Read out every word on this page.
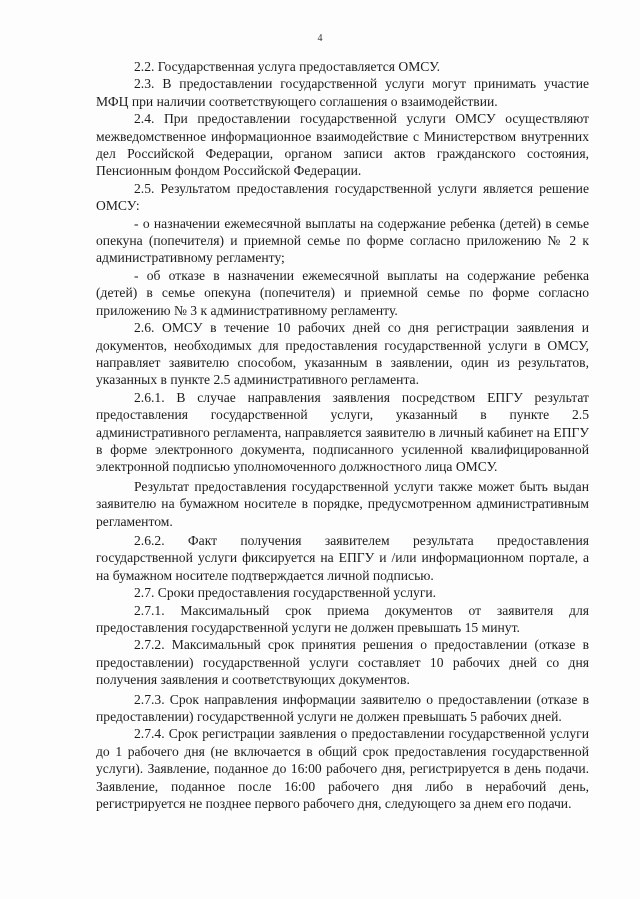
4

2.2. Государственная услуга предоставляется ОМСУ.

2.3. В предоставлении государственной услуги могут принимать участие МФЦ при наличии соответствующего соглашения о взаимодействии.

2.4. При предоставлении государственной услуги ОМСУ осуществляют межведомственное информационное взаимодействие с Министерством внутренних дел Российской Федерации, органом записи актов гражданского состояния, Пенсионным фондом Российской Федерации.

2.5. Результатом предоставления государственной услуги является решение ОМСУ:

- о назначении ежемесячной выплаты на содержание ребенка (детей) в семье опекуна (попечителя) и приемной семье по форме согласно приложению № 2 к административному регламенту;

- об отказе в назначении ежемесячной выплаты на содержание ребенка (детей) в семье опекуна (попечителя) и приемной семье по форме согласно приложению № 3 к административному регламенту.

2.6. ОМСУ в течение 10 рабочих дней со дня регистрации заявления и документов, необходимых для предоставления государственной услуги в ОМСУ, направляет заявителю способом, указанным в заявлении, один из результатов, указанных в пункте 2.5 административного регламента.

2.6.1. В случае направления заявления посредством ЕПГУ результат предоставления государственной услуги, указанный в пункте 2.5 административного регламента, направляется заявителю в личный кабинет на ЕПГУ в форме электронного документа, подписанного усиленной квалифицированной электронной подписью уполномоченного должностного лица ОМСУ.

Результат предоставления государственной услуги также может быть выдан заявителю на бумажном носителе в порядке, предусмотренном административным регламентом.

2.6.2. Факт получения заявителем результата предоставления государственной услуги фиксируется на ЕПГУ и /или информационном портале, а на бумажном носителе подтверждается личной подписью.

2.7. Сроки предоставления государственной услуги.

2.7.1. Максимальный срок приема документов от заявителя для предоставления государственной услуги не должен превышать 15 минут.

2.7.2. Максимальный срок принятия решения о предоставлении (отказе в предоставлении) государственной услуги составляет 10 рабочих дней со дня получения заявления и соответствующих документов.

2.7.3. Срок направления информации заявителю о предоставлении (отказе в предоставлении) государственной услуги не должен превышать 5 рабочих дней.

2.7.4. Срок регистрации заявления о предоставлении государственной услуги до 1 рабочего дня (не включается в общий срок предоставления государственной услуги). Заявление, поданное до 16:00 рабочего дня, регистрируется в день подачи. Заявление, поданное после 16:00 рабочего дня либо в нерабочий день, регистрируется не позднее первого рабочего дня, следующего за днем его подачи.
